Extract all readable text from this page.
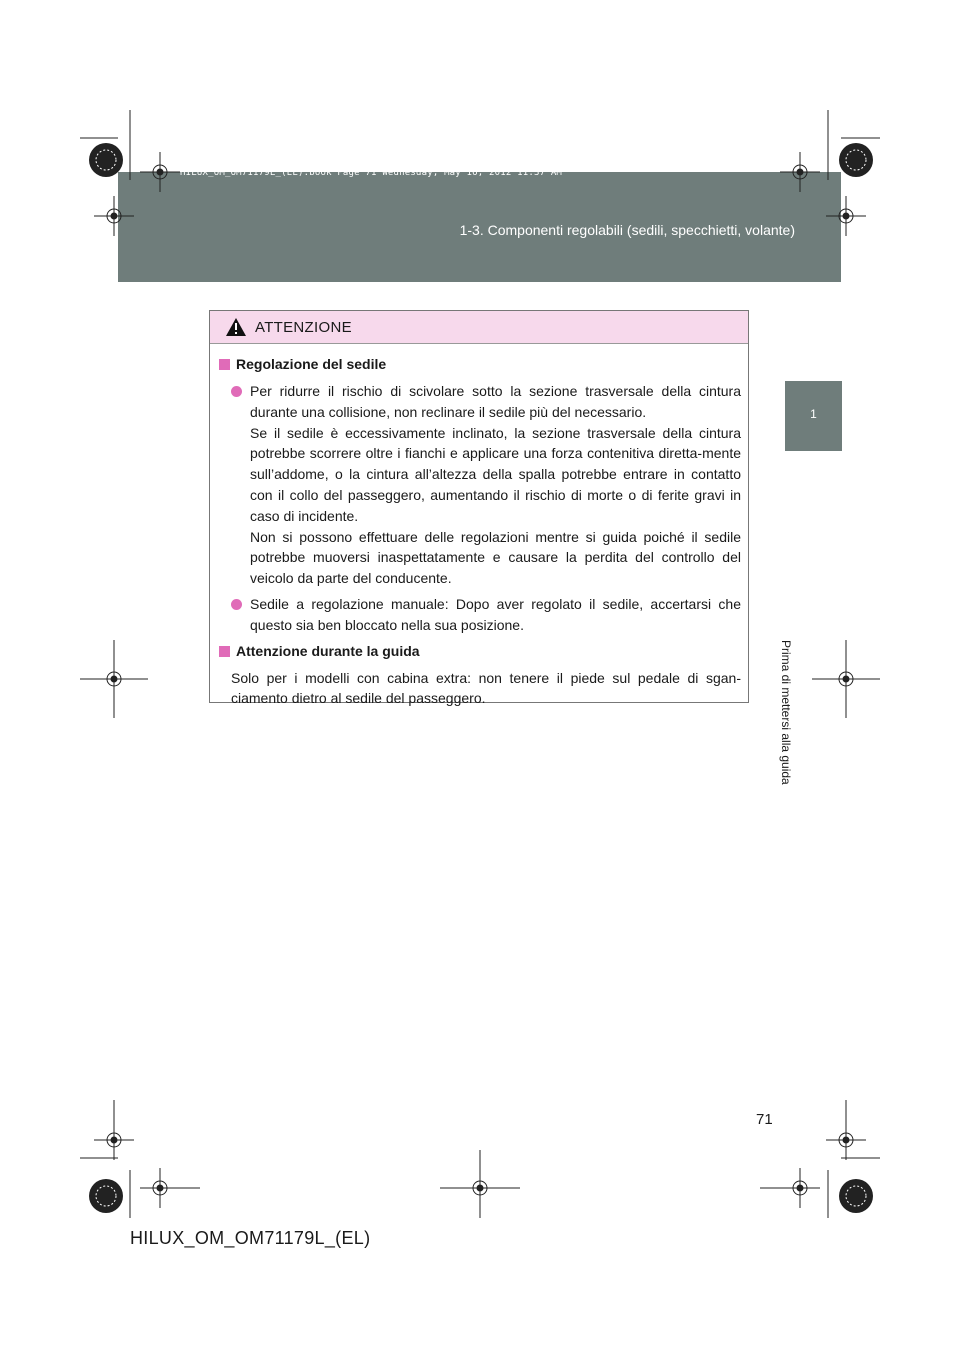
HILUX_OM_OM71179L_(EL).book Page 71 Wednesday, May 16, 2012 11:37 AM
1-3. Componenti regolabili (sedili, specchietti, volante)
1
Prima di mettersi alla guida
ATTENZIONE
Regolazione del sedile
Per ridurre il rischio di scivolare sotto la sezione trasversale della cintura durante una collisione, non reclinare il sedile più del necessario.
Se il sedile è eccessivamente inclinato, la sezione trasversale della cintura potrebbe scorrere oltre i fianchi e applicare una forza contenitiva diretta-mente sull’addome, o la cintura all’altezza della spalla potrebbe entrare in contatto con il collo del passeggero, aumentando il rischio di morte o di ferite gravi in caso di incidente.
Non si possono effettuare delle regolazioni mentre si guida poiché il sedile potrebbe muoversi inaspettatamente e causare la perdita del controllo del veicolo da parte del conducente.
Sedile a regolazione manuale: Dopo aver regolato il sedile, accertarsi che questo sia ben bloccato nella sua posizione.
Attenzione durante la guida
Solo per i modelli con cabina extra: non tenere il piede sul pedale di sgan-ciamento dietro al sedile del passeggero.
71
HILUX_OM_OM71179L_(EL)
